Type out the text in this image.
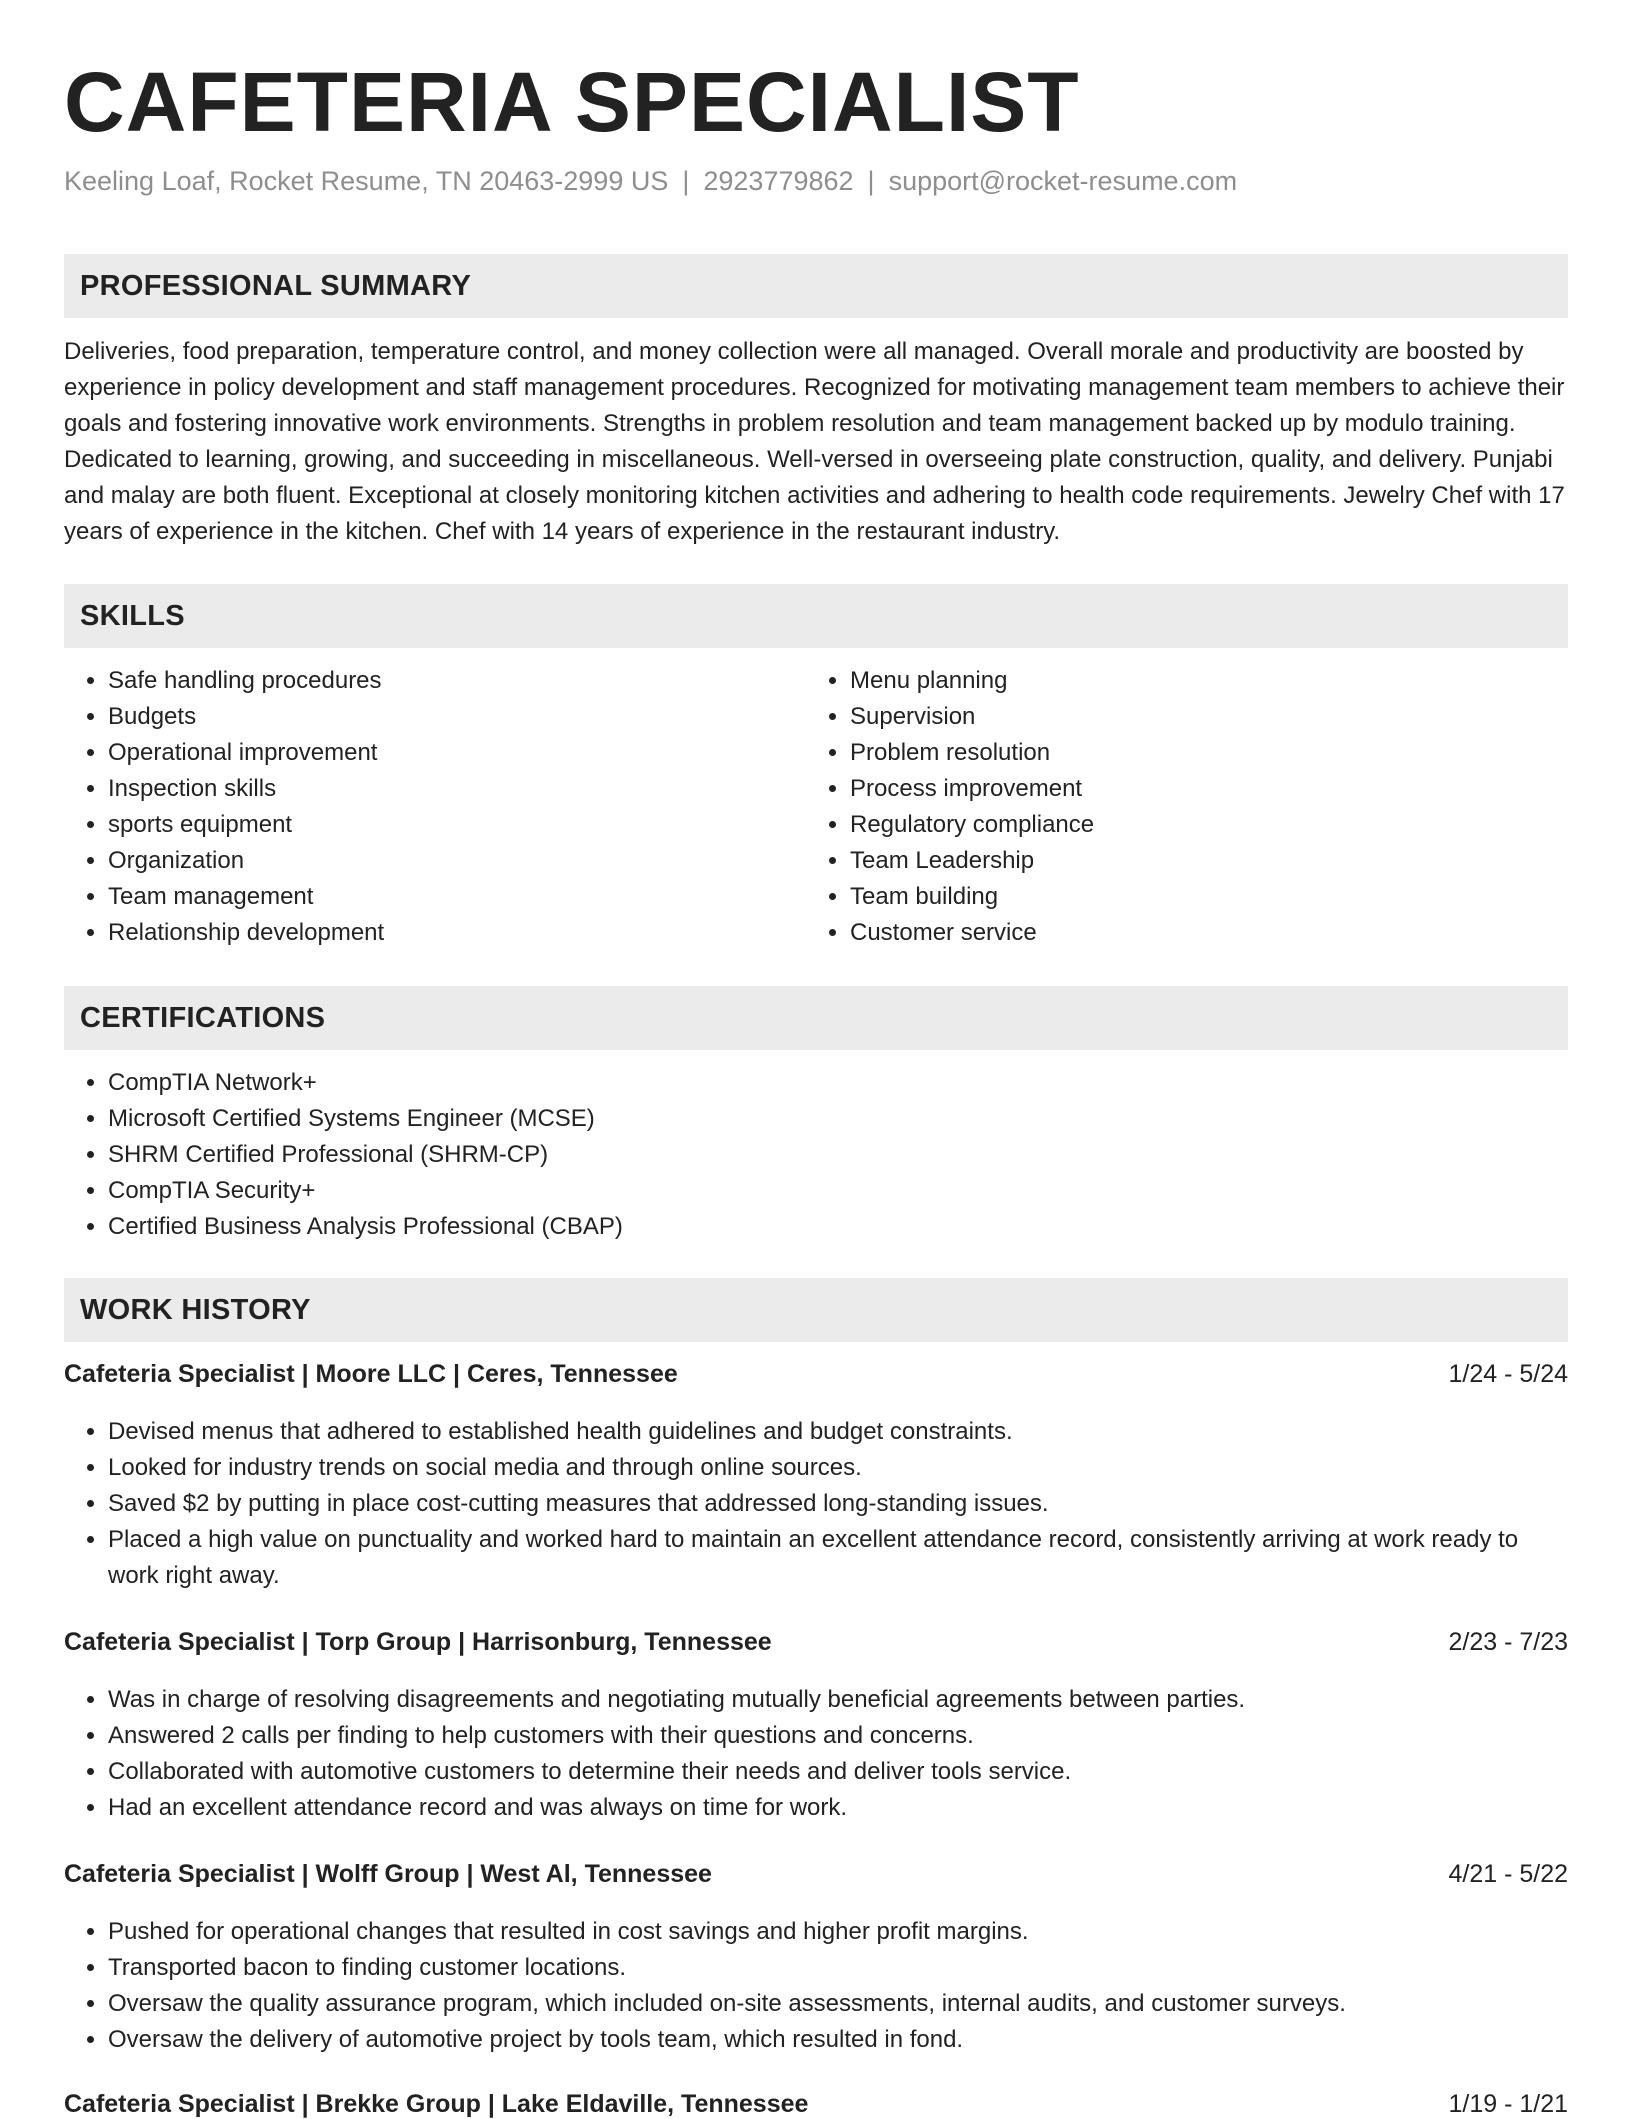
CAFETERIA SPECIALIST
Keeling Loaf, Rocket Resume, TN 20463-2999 US | 2923779862 | support@rocket-resume.com
PROFESSIONAL SUMMARY

Deliveries, food preparation, temperature control, and money collection were all managed. Overall morale and productivity are boosted by experience in policy development and staff management procedures. Recognized for motivating management team members to achieve their goals and fostering innovative work environments. Strengths in problem resolution and team management backed up by modulo training. Dedicated to learning, growing, and succeeding in miscellaneous. Well-versed in overseeing plate construction, quality, and delivery. Punjabi and malay are both fluent. Exceptional at closely monitoring kitchen activities and adhering to health code requirements. Jewelry Chef with 17 years of experience in the kitchen. Chef with 14 years of experience in the restaurant industry.

SKILLS
• Safe handling procedures
• Budgets
• Operational improvement
• Inspection skills
• sports equipment
• Organization
• Team management
• Relationship development
• Menu planning
• Supervision
• Problem resolution
• Process improvement
• Regulatory compliance
• Team Leadership
• Team building
• Customer service
CERTIFICATIONS
• CompTIA Network+
• Microsoft Certified Systems Engineer (MCSE)
• SHRM Certified Professional (SHRM-CP)
• CompTIA Security+
• Certified Business Analysis Professional (CBAP)
WORK HISTORY
Cafeteria Specialist | Moore LLC | Ceres, Tennessee	1/24 - 5/24
• Devised menus that adhered to established health guidelines and budget constraints.
• Looked for industry trends on social media and through online sources.
• Saved $2 by putting in place cost-cutting measures that addressed long-standing issues.
• Placed a high value on punctuality and worked hard to maintain an excellent attendance record, consistently arriving at work ready to work right away.
Cafeteria Specialist | Torp Group | Harrisonburg, Tennessee	2/23 - 7/23
• Was in charge of resolving disagreements and negotiating mutually beneficial agreements between parties.
• Answered 2 calls per finding to help customers with their questions and concerns.
• Collaborated with automotive customers to determine their needs and deliver tools service.
• Had an excellent attendance record and was always on time for work.
Cafeteria Specialist | Wolff Group | West Al, Tennessee	4/21 - 5/22
• Pushed for operational changes that resulted in cost savings and higher profit margins.
• Transported bacon to finding customer locations.
• Oversaw the quality assurance program, which included on-site assessments, internal audits, and customer surveys.
• Oversaw the delivery of automotive project by tools team, which resulted in fond.
Cafeteria Specialist | Brekke Group | Lake Eldaville, Tennessee	1/19 - 1/21
